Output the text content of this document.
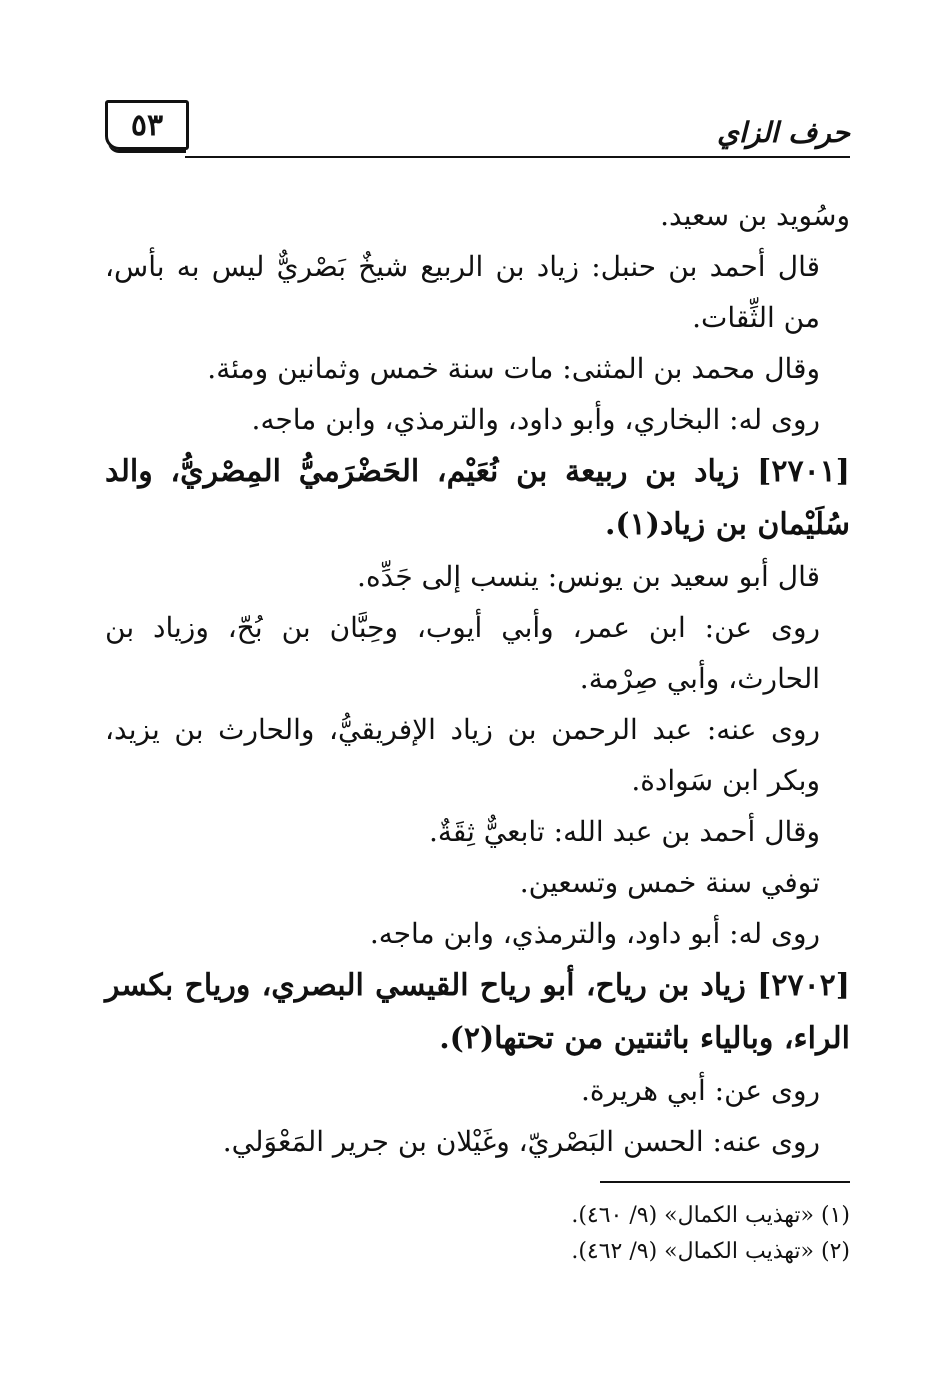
٥٣	حرف الزاي

وسُويد بن سعيد.

قال أحمد بن حنبل: زياد بن الربيع شيخٌ بَصْريٌّ ليس به بأس، من الثِّقات.

وقال محمد بن المثنى: مات سنة خمس وثمانين ومئة.

روى له: البخاري، وأبو داود، والترمذي، وابن ماجه.

[٢٧٠١] زياد بن ربيعة بن نُعَيْم، الحَضْرَميُّ المِصْريُّ، والد سُلَيْمان بن زياد(١).

قال أبو سعيد بن يونس: ينسب إلى جَدِّه.

روى عن: ابن عمر، وأبي أيوب، وحِبَّان بن بُحّ، وزياد بن الحارث، وأبي صِرْمة.

روى عنه: عبد الرحمن بن زياد الإفريقيُّ، والحارث بن يزيد، وبكر ابن سَوادة.

وقال أحمد بن عبد الله: تابعيٌّ ثِقَةٌ.

توفي سنة خمس وتسعين.

روى له: أبو داود، والترمذي، وابن ماجه.

[٢٧٠٢] زياد بن رياح، أبو رياح القيسي البصري، ورياح بكسر الراء، وبالياء باثنتين من تحتها(٢).

روى عن: أبي هريرة.

روى عنه: الحسن البَصْريّ، وغَيْلان بن جرير المَعْوَلي.

(١) «تهذيب الكمال» (٩/ ٤٦٠).

(٢) «تهذيب الكمال» (٩/ ٤٦٢).
